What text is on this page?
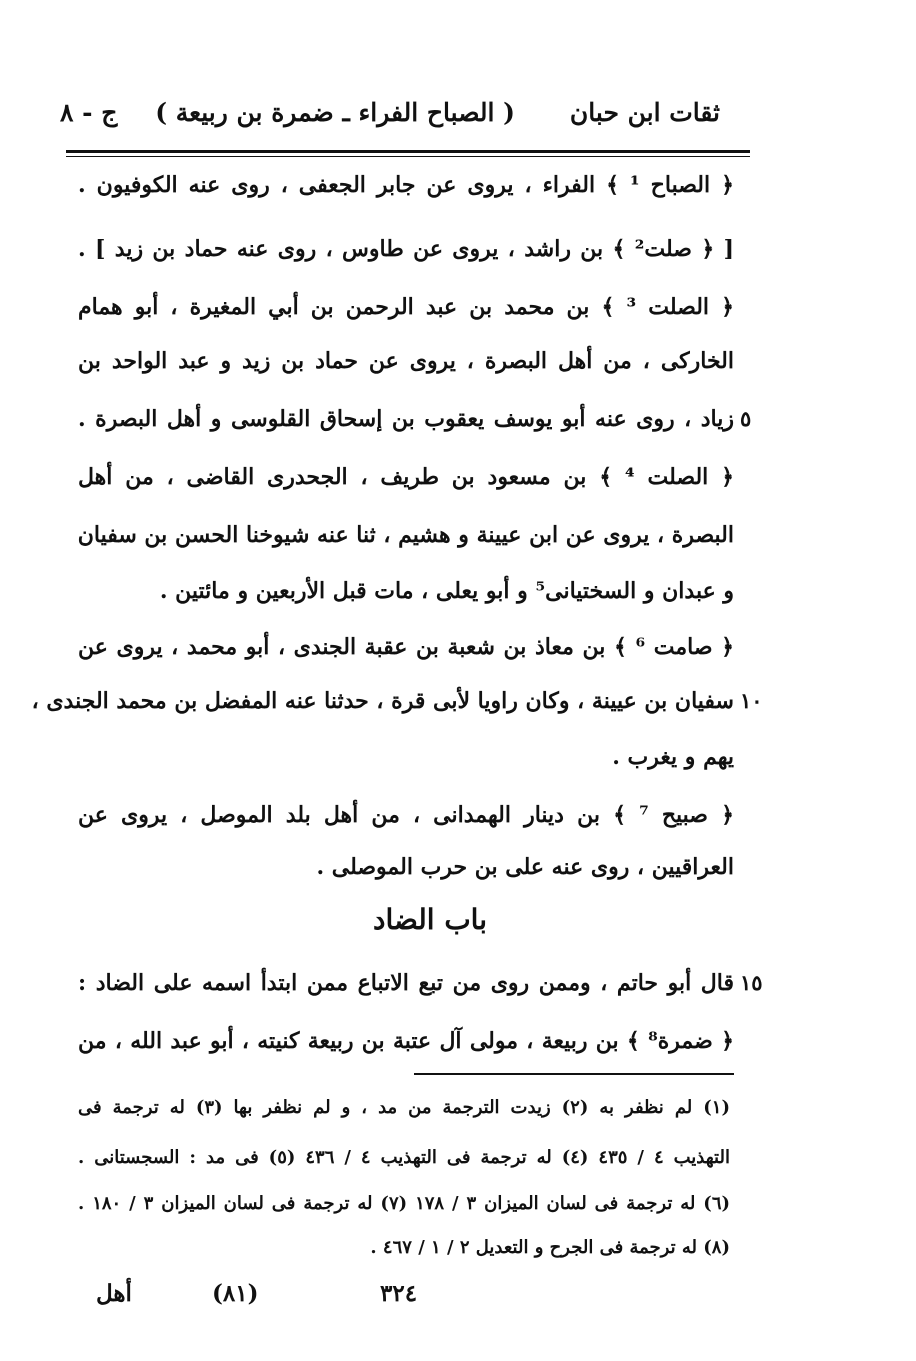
ثقات ابن حبان
( الصباح الفراء ـ ضمرة بن ربيعة )
ج - ٨
﴿ الصباح ¹ ﴾ الفراء ، يروى عن جابر الجعفى ، روى عنه الكوفيون .
[ ﴿ صلت² ﴾ بن راشد ، يروى عن طاوس ، روى عنه حماد بن زيد ] .
﴿ الصلت ³ ﴾ بن محمد بن عبد الرحمن بن أبي المغيرة ، أبو همام
الخاركى ، من أهل البصرة ، يروى عن حماد بن زيد و عبد الواحد بن
زياد ، روى عنه أبو يوسف يعقوب بن إسحاق القلوسى و أهل البصرة .
﴿ الصلت ⁴ ﴾ بن مسعود بن طريف ، الجحدرى القاضى ، من أهل
البصرة ، يروى عن ابن عيينة و هشيم ، ثنا عنه شيوخنا الحسن بن سفيان
و عبدان و السختيانى⁵ و أبو يعلى ، مات قبل الأربعين و مائتين .
﴿ صامت ⁶ ﴾ بن معاذ بن شعبة بن عقبة الجندى ، أبو محمد ، يروى عن
سفيان بن عيينة ، وكان راويا لأبى قرة ، حدثنا عنه المفضل بن محمد الجندى ،
يهم و يغرب .
﴿ صبيح ⁷ ﴾ بن دينار الهمدانى ، من أهل بلد الموصل ، يروى عن
العراقيين ، روى عنه على بن حرب الموصلى .
باب الضاد
قال أبو حاتم ، وممن روى من تبع الاتباع ممن ابتدأ اسمه على الضاد :
﴿ ضمرة⁸ ﴾ بن ربيعة ، مولى آل عتبة بن ربيعة كنيته ، أبو عبد الله ، من
٥
١٠
١٥
(١) لم نظفر به (٢) زيدت الترجمة من مد ، و لم نظفر بها (٣) له ترجمة فى
التهذيب ٤ / ٤٣٥ (٤) له ترجمة فى التهذيب ٤ / ٤٣٦ (٥) فى مد : السجستانى .
(٦) له ترجمة فى لسان الميزان ٣ / ١٧٨ (٧) له ترجمة فى لسان الميزان ٣ / ١٨٠ .
(٨) له ترجمة فى الجرح و التعديل ٢ / ١ / ٤٦٧ .
٣٢٤
(٨١)
أهل
